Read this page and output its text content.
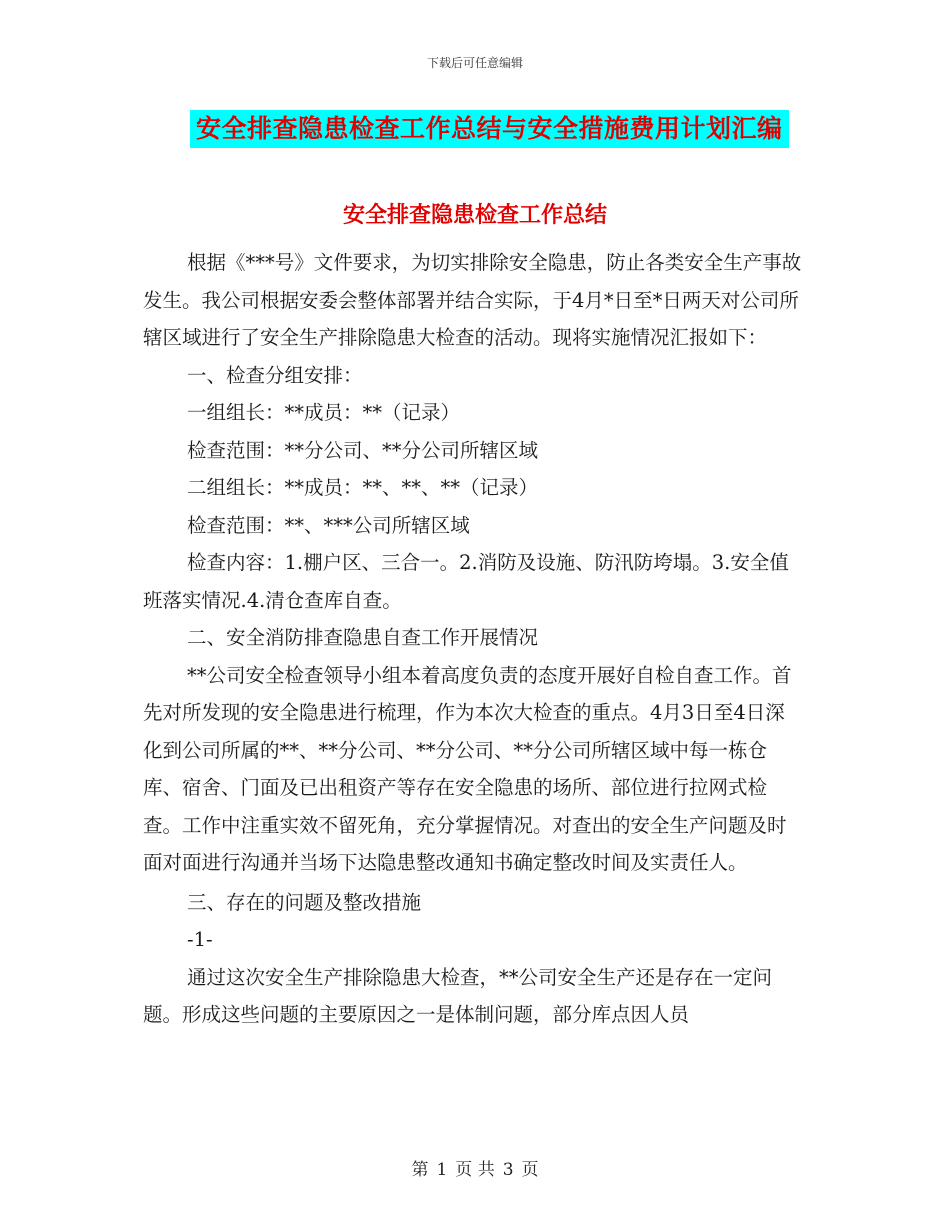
下载后可任意编辑
安全排查隐患检查工作总结与安全措施费用计划汇编
安全排查隐患检查工作总结

根据《***号》文件要求，为切实排除安全隐患，防止各类安全生产事故发生。我公司根据安委会整体部署并结合实际，于4月*日至*日两天对公司所辖区域进行了安全生产排除隐患大检查的活动。现将实施情况汇报如下：

一、检查分组安排：

一组组长：**成员：**（记录）

检查范围：**分公司、**分公司所辖区域

二组组长：**成员：**、**、**（记录）

检查范围：**、***公司所辖区域

检查内容：1.棚户区、三合一。2.消防及设施、防汛防垮塌。3.安全值班落实情况.4.清仓查库自查。

二、安全消防排查隐患自查工作开展情况

**公司安全检查领导小组本着高度负责的态度开展好自检自查工作。首先对所发现的安全隐患进行梳理，作为本次大检查的重点。4月3日至4日深化到公司所属的**、**分公司、**分公司、**分公司所辖区域中每一栋仓库、宿舍、门面及已出租资产等存在安全隐患的场所、部位进行拉网式检查。工作中注重实效不留死角，充分掌握情况。对查出的安全生产问题及时面对面进行沟通并当场下达隐患整改通知书确定整改时间及实责任人。

三、存在的问题及整改措施

-1-

通过这次安全生产排除隐患大检查，**公司安全生产还是存在一定问题。形成这些问题的主要原因之一是体制问题，部分库点因人员

第 1 页 共 3 页
